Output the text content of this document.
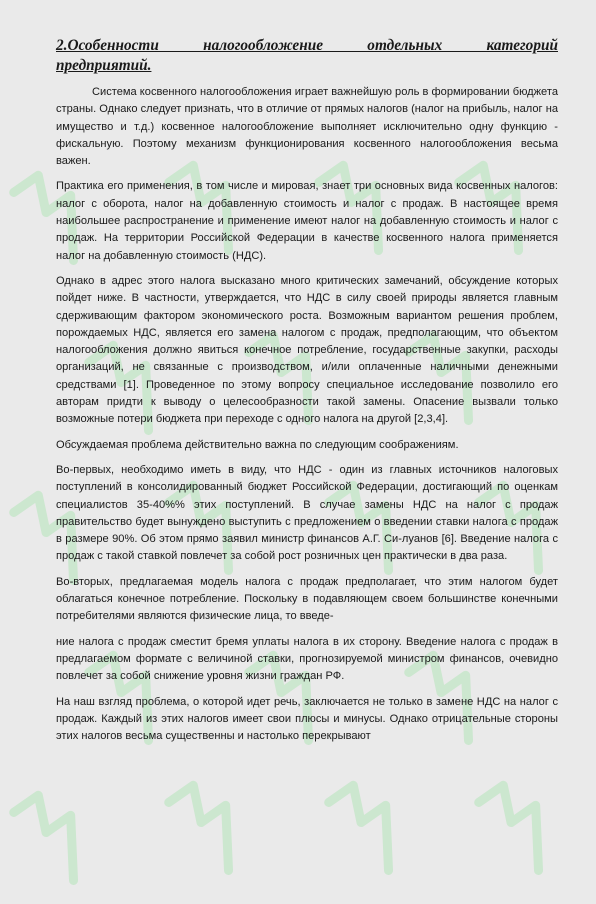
2.Особенности налогообложение отдельных категорий
предприятий.

Система косвенного налогообложения играет важнейшую роль в формировании бюджета страны. Однако следует признать, что в отличие от прямых налогов (налог на прибыль, налог на имущество и т.д.) косвенное налогообложение выполняет исключительно одну функцию - фискальную. Поэтому механизм функционирования косвенного налогообложения весьма важен.

Практика его применения, в том числе и мировая, знает три основных вида косвенных налогов: налог с оборота, налог на добавленную стоимость и налог с продаж. В настоящее время наибольшее распространение и применение имеют налог на добавленную стоимость и налог с продаж. На территории Российской Федерации в качестве косвенного налога применяется налог на добавленную стоимость (НДС).

Однако в адрес этого налога высказано много критических замечаний, обсуждение которых пойдет ниже. В частности, утверждается, что НДС в силу своей природы является главным сдерживающим фактором экономического роста. Возможным вариантом решения проблем, порождаемых НДС, является его замена налогом с продаж, предполагающим, что объектом налогообложения должно явиться конечное потребление, государственные закупки, расходы организаций, не связанные с производством, и/или оплаченные наличными денежными средствами [1]. Проведенное по этому вопросу специальное исследование позволило его авторам придти к выводу о целесообразности такой замены. Опасение вызвали только возможные потери бюджета при переходе с одного налога на другой [2,3,4].

Обсуждаемая проблема действительно важна по следующим соображениям.

Во-первых, необходимо иметь в виду, что НДС - один из главных источников налоговых поступлений в консолидированный бюджет Российской Федерации, достигающий по оценкам специалистов 35-40%% этих поступлений. В случае замены НДС на налог с продаж правительство будет вынуждено выступить с предложением о введении ставки налога с продаж в размере 90%. Об этом прямо заявил министр финансов А.Г. Си-луанов [6]. Введение налога с продаж с такой ставкой повлечет за собой рост розничных цен практически в два раза.

Во-вторых, предлагаемая модель налога с продаж предполагает, что этим налогом будет облагаться конечное потребление. Поскольку в подавляющем своем большинстве конечными потребителями являются физические лица, то введе-

ние налога с продаж сместит бремя уплаты налога в их сторону. Введение налога с продаж в предлагаемом формате с величиной ставки, прогнозируемой министром финансов, очевидно повлечет за собой снижение уровня жизни граждан РФ.

На наш взгляд проблема, о которой идет речь, заключается не только в замене НДС на налог с продаж. Каждый из этих налогов имеет свои плюсы и минусы. Однако отрицательные стороны этих налогов весьма существенны и настолько перекрывают
